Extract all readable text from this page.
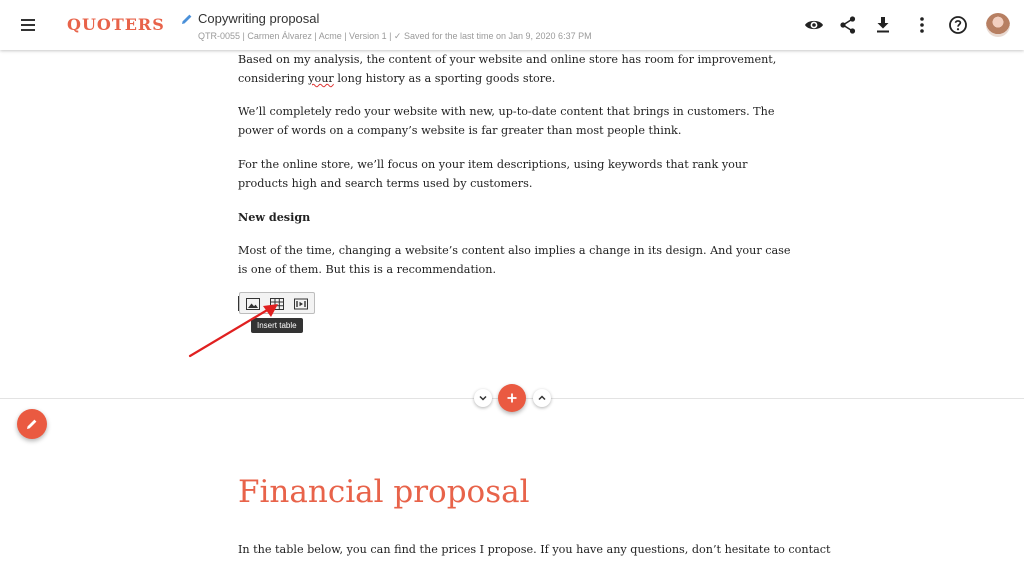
QUOTERS	Copywriting proposal
QTR-0055 | Carmen Álvarez | Acme | Version 1 | ✓ Saved for the last time on Jan 9, 2020 6:37 PM
Based on my analysis, the content of your website and online store has room for improvement, considering your long history as a sporting goods store.
We’ll completely redo your website with new, up-to-date content that brings in customers. The power of words on a company’s website is far greater than most people think.
For the online store, we’ll focus on your item descriptions, using keywords that rank your products high and search terms used by customers.
New design
Most of the time, changing a website’s content also implies a change in its design. And your case is one of them. But this is a recommendation.
Insert table
Financial proposal
In the table below, you can find the prices I propose. If you have any questions, don’t hesitate to contact
